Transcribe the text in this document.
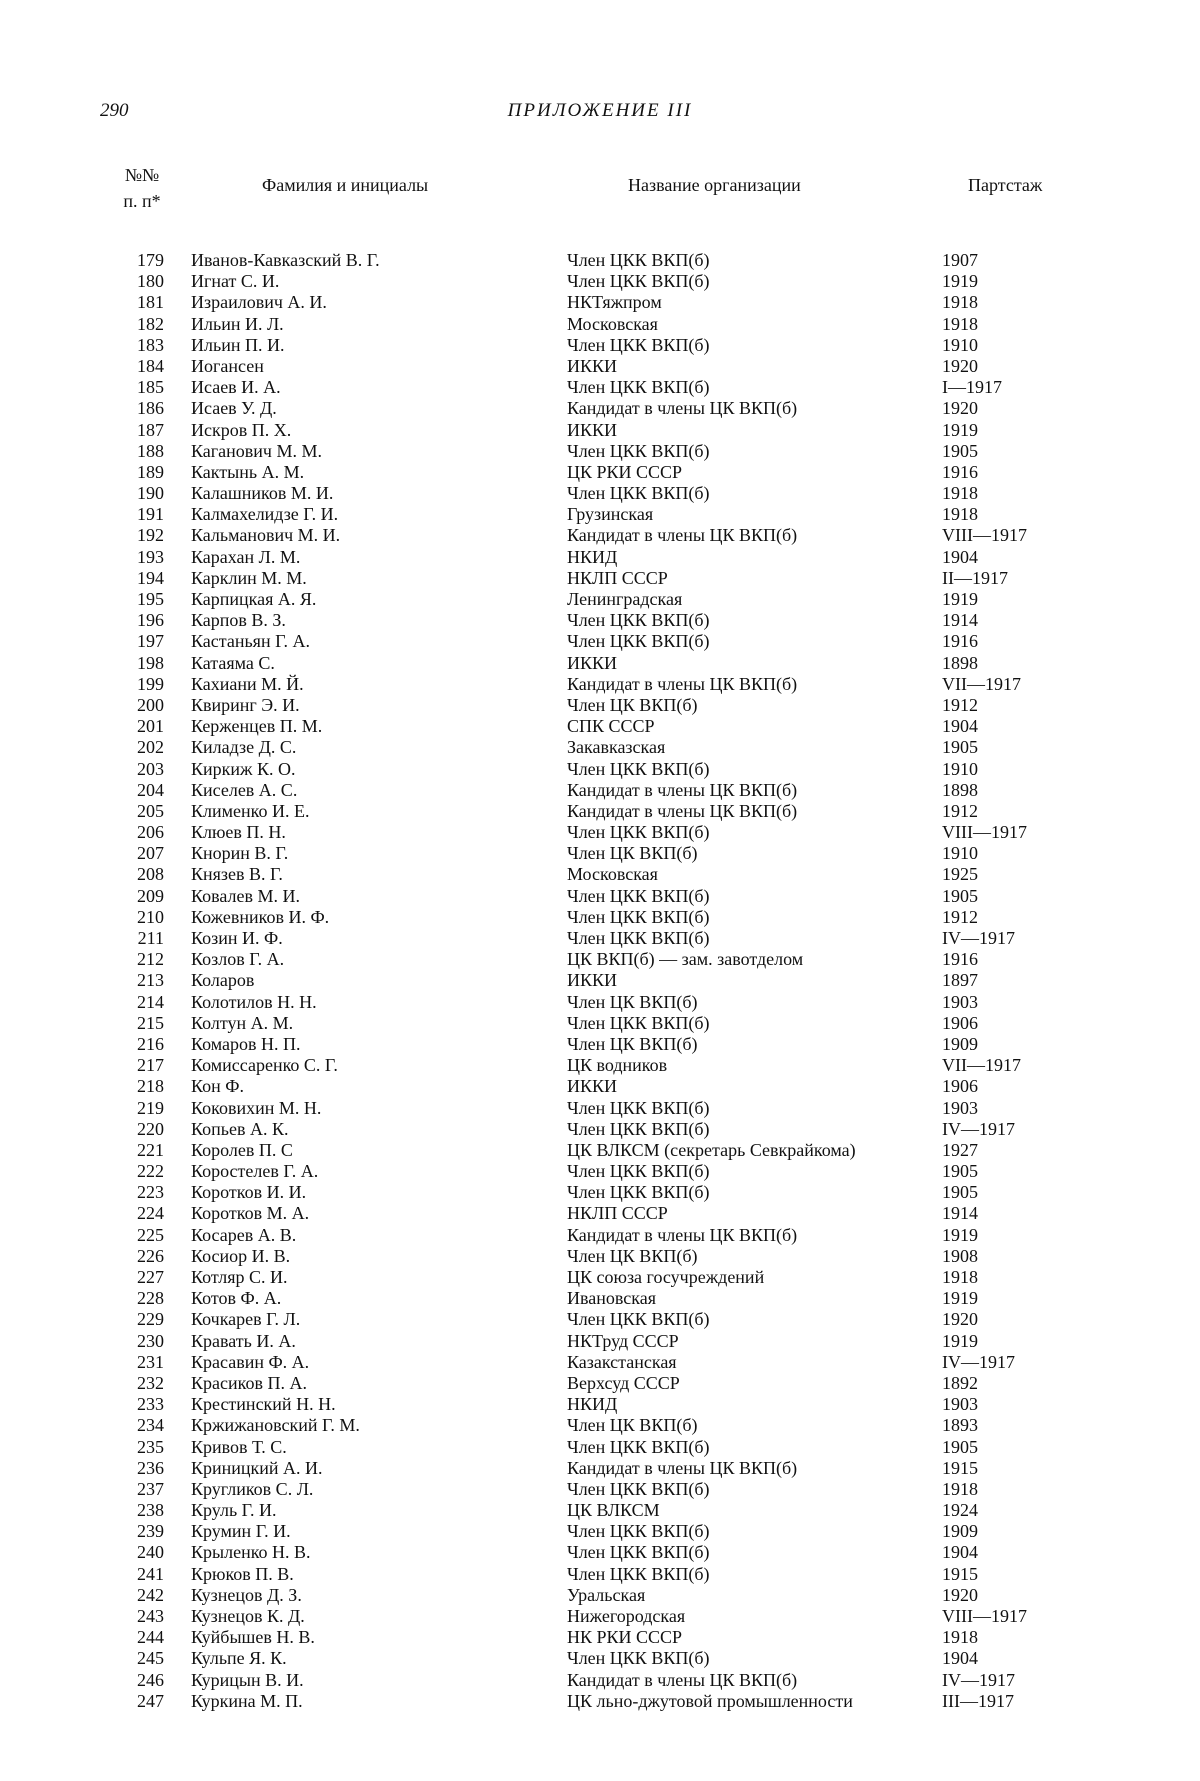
290	ПРИЛОЖЕНИЕ III
№№
п. п*
Фамилия и инициалы	Название организации	Партстаж
179 Иванов-Кавказский В. Г.	Член ЦКК ВКП(б)	1907
180 Игнат С. И.	Член ЦКК ВКП(б)	1919
181 Израилович А. И.	НКТяжпром	1918
182 Ильин И. Л.	Московская	1918
183 Ильин П. И.	Член ЦКК ВКП(б)	1910
184 Иогансен	ИККИ	1920
185 Исаев И. А.	Член ЦКК ВКП(б)	I—1917
186 Исаев У. Д.	Кандидат в члены ЦК ВКП(б)	1920
187 Искров П. Х.	ИККИ	1919
188 Каганович М. М.	Член ЦКК ВКП(б)	1905
189 Кактынь А. М.	ЦК РКИ СССР	1916
190 Калашников М. И.	Член ЦКК ВКП(б)	1918
191 Калмахелидзе Г. И.	Грузинская	1918
192 Кальманович М. И.	Кандидат в члены ЦК ВКП(б)	VIII—1917
193 Карахан Л. М.	НКИД	1904
194 Карклин М. М.	НКЛП СССР	II—1917
195 Карпицкая А. Я.	Ленинградская	1919
196 Карпов В. З.	Член ЦКК ВКП(б)	1914
197 Кастаньян Г. А.	Член ЦКК ВКП(б)	1916
198 Катаяма С.	ИККИ	1898
199 Кахиани М. Й.	Кандидат в члены ЦК ВКП(б)	VII—1917
200 Квиринг Э. И.	Член ЦК ВКП(б)	1912
201 Керженцев П. М.	СПК СССР	1904
202 Киладзе Д. С.	Закавказская	1905
203 Киркиж К. О.	Член ЦКК ВКП(б)	1910
204 Киселев А. С.	Кандидат в члены ЦК ВКП(б)	1898
205 Клименко И. Е.	Кандидат в члены ЦК ВКП(б)	1912
206 Клюев П. Н.	Член ЦКК ВКП(б)	VIII—1917
207 Кнорин В. Г.	Член ЦК ВКП(б)	1910
208 Князев В. Г.	Московская	1925
209 Ковалев М. И.	Член ЦКК ВКП(б)	1905
210 Кожевников И. Ф.	Член ЦКК ВКП(б)	1912
211 Козин И. Ф.	Член ЦКК ВКП(б)	IV—1917
212 Козлов Г. А.	ЦК ВКП(б) — зам. завотделом	1916
213 Коларов	ИККИ	1897
214 Колотилов Н. Н.	Член ЦК ВКП(б)	1903
215 Колтун А. М.	Член ЦКК ВКП(б)	1906
216 Комаров Н. П.	Член ЦК ВКП(б)	1909
217 Комиссаренко С. Г.	ЦК водников	VII—1917
218 Кон Ф.	ИККИ	1906
219 Коковихин М. Н.	Член ЦКК ВКП(б)	1903
220 Копьев А. К.	Член ЦКК ВКП(б)	IV—1917
221 Королев П. С	ЦК ВЛКСМ (секретарь Севкрайкома)	1927
222 Коростелев Г. А.	Член ЦКК ВКП(б)	1905
223 Коротков И. И.	Член ЦКК ВКП(б)	1905
224 Коротков М. А.	НКЛП СССР	1914
225 Косарев А. В.	Кандидат в члены ЦК ВКП(б)	1919
226 Косиор И. В.	Член ЦК ВКП(б)	1908
227 Котляр С. И.	ЦК союза госучреждений	1918
228 Котов Ф. А.	Ивановская	1919
229 Кочкарев Г. Л.	Член ЦКК ВКП(б)	1920
230 Кравать И. А.	НКТруд СССР	1919
231 Красавин Ф. А.	Казакстанская	IV—1917
232 Красиков П. А.	Верхсуд СССР	1892
233 Крестинский Н. Н.	НКИД	1903
234 Кржижановский Г. М.	Член ЦК ВКП(б)	1893
235 Кривов Т. С.	Член ЦКК ВКП(б)	1905
236 Криницкий А. И.	Кандидат в члены ЦК ВКП(б)	1915
237 Кругликов С. Л.	Член ЦКК ВКП(б)	1918
238 Круль Г. И.	ЦК ВЛКСМ	1924
239 Крумин Г. И.	Член ЦКК ВКП(б)	1909
240 Крыленко Н. В.	Член ЦКК ВКП(б)	1904
241 Крюков П. В.	Член ЦКК ВКП(б)	1915
242 Кузнецов Д. З.	Уральская	1920
243 Кузнецов К. Д.	Нижегородская	VIII—1917
244 Куйбышев Н. В.	НК РКИ СССР	1918
245 Кульпе Я. К.	Член ЦКК ВКП(б)	1904
246 Курицын В. И.	Кандидат в члены ЦК ВКП(б)	IV—1917
247 Куркина М. П.	ЦК льно-джутовой промышленности	III—1917
